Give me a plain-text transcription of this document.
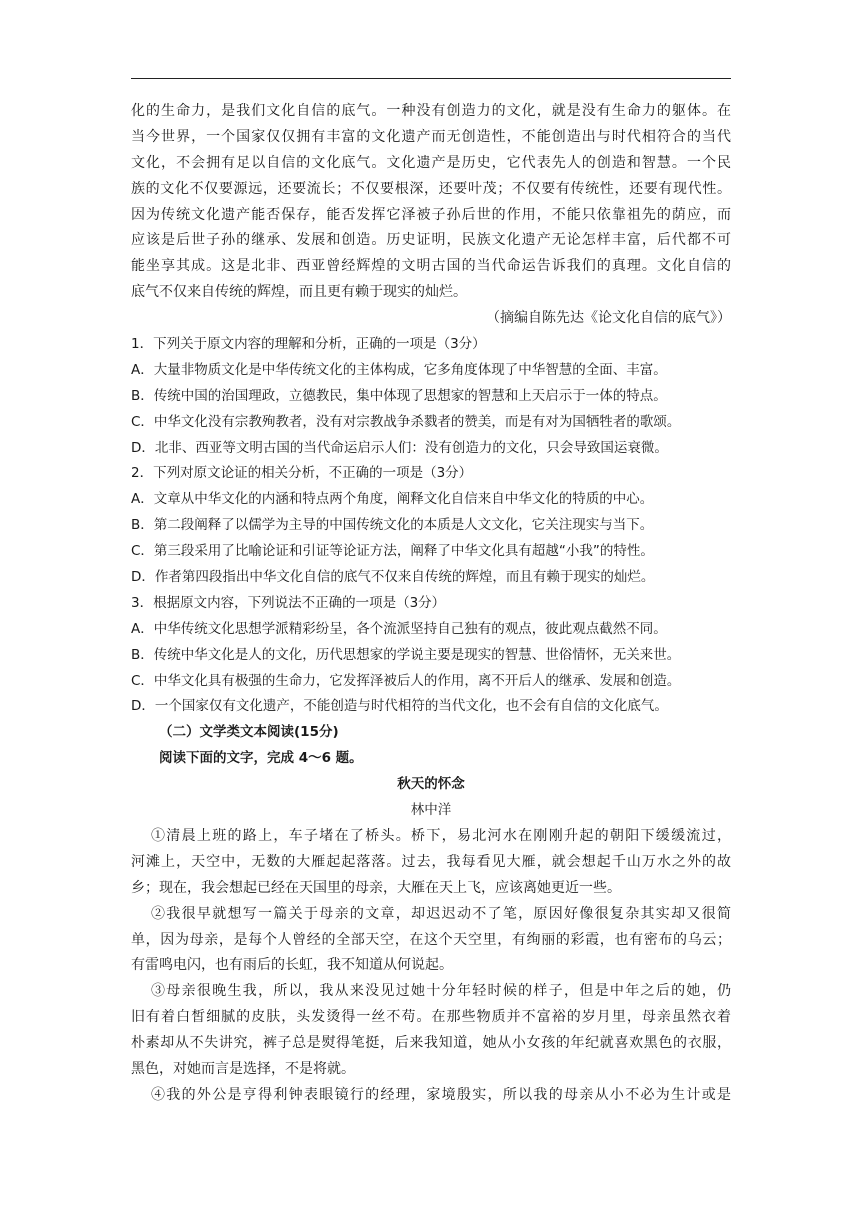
化的生命力，是我们文化自信的底气。一种没有创造力的文化，就是没有生命力的躯体。在
当今世界，一个国家仅仅拥有丰富的文化遗产而无创造性，不能创造出与时代相符合的当代
文化，不会拥有足以自信的文化底气。文化遗产是历史，它代表先人的创造和智慧。一个民
族的文化不仅要源远，还要流长；不仅要根深，还要叶茂；不仅要有传统性，还要有现代性。
因为传统文化遗产能否保存，能否发挥它泽被子孙后世的作用，不能只依靠祖先的荫应，而
应该是后世子孙的继承、发展和创造。历史证明，民族文化遗产无论怎样丰富，后代都不可
能坐享其成。这是北非、西亚曾经辉煌的文明古国的当代命运告诉我们的真理。文化自信的
底气不仅来自传统的辉煌，而且更有赖于现实的灿烂。
（摘编自陈先达《论文化自信的底气》）
1．下列关于原文内容的理解和分析，正确的一项是（3分）
A．大量非物质文化是中华传统文化的主体构成，它多角度体现了中华智慧的全面、丰富。
B．传统中国的治国理政，立德教民，集中体现了思想家的智慧和上天启示于一体的特点。
C．中华文化没有宗教殉教者，没有对宗教战争杀戮者的赞美，而是有对为国牺牲者的歌颂。
D．北非、西亚等文明古国的当代命运启示人们：没有创造力的文化，只会导致国运衰微。
2．下列对原文论证的相关分析，不正确的一项是（3分）
A．文章从中华文化的内涵和特点两个角度，阐释文化自信来自中华文化的特质的中心。
B．第二段阐释了以儒学为主导的中国传统文化的本质是人文文化，它关注现实与当下。
C．第三段采用了比喻论证和引证等论证方法，阐释了中华文化具有超越“小我”的特性。
D．作者第四段指出中华文化自信的底气不仅来自传统的辉煌，而且有赖于现实的灿烂。
3．根据原文内容，下列说法不正确的一项是（3分）
A．中华传统文化思想学派精彩纷呈，各个流派坚持自己独有的观点，彼此观点截然不同。
B．传统中华文化是人的文化，历代思想家的学说主要是现实的智慧、世俗情怀，无关来世。
C．中华文化具有极强的生命力，它发挥泽被后人的作用，离不开后人的继承、发展和创造。
D．一个国家仅有文化遗产，不能创造与时代相符的当代文化，也不会有自信的文化底气。
（二）文学类文本阅读(15分)
阅读下面的文字，完成 4～6 题。
秋天的怀念
林中洋
①清晨上班的路上，车子堵在了桥头。桥下，易北河水在刚刚升起的朝阳下缓缓流过，
河滩上，天空中，无数的大雁起起落落。过去，我每看见大雁，就会想起千山万水之外的故
乡；现在，我会想起已经在天国里的母亲，大雁在天上飞，应该离她更近一些。
②我很早就想写一篇关于母亲的文章，却迟迟动不了笔，原因好像很复杂其实却又很简
单，因为母亲，是每个人曾经的全部天空，在这个天空里，有绚丽的彩霞，也有密布的乌云；
有雷鸣电闪，也有雨后的长虹，我不知道从何说起。
③母亲很晚生我，所以，我从来没见过她十分年轻时候的样子，但是中年之后的她，仍
旧有着白皙细腻的皮肤，头发烫得一丝不苟。在那些物质并不富裕的岁月里，母亲虽然衣着
朴素却从不失讲究，裤子总是熨得笔挺，后来我知道，她从小女孩的年纪就喜欢黑色的衣服，
黑色，对她而言是选择，不是将就。
④我的外公是亨得利钟表眼镜行的经理，家境殷实，所以我的母亲从小不必为生计或是
